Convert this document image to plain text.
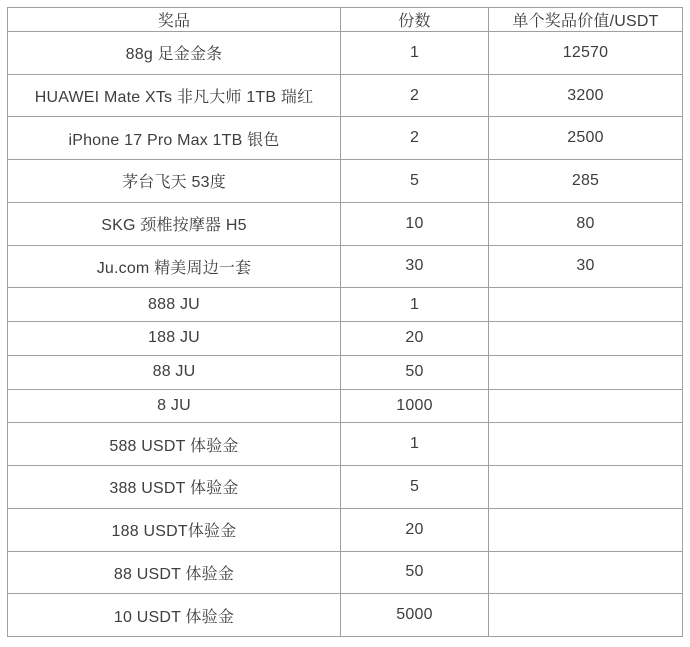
奖品	份数	单个奖品价值/USDT
88g 足金金条	1	12570
HUAWEI Mate XTs 非凡大师 1TB 瑞红	2	3200
iPhone 17 Pro Max 1TB 银色	2	2500
茅台飞天 53度	5	285
SKG 颈椎按摩器 H5	10	80
Ju.com 精美周边一套	30	30
888 JU	1	
188 JU	20	
88 JU	50	
8 JU	1000	
588 USDT 体验金	1	
388 USDT 体验金	5	
188 USDT体验金	20	
88 USDT 体验金	50	
10 USDT 体验金	5000	
